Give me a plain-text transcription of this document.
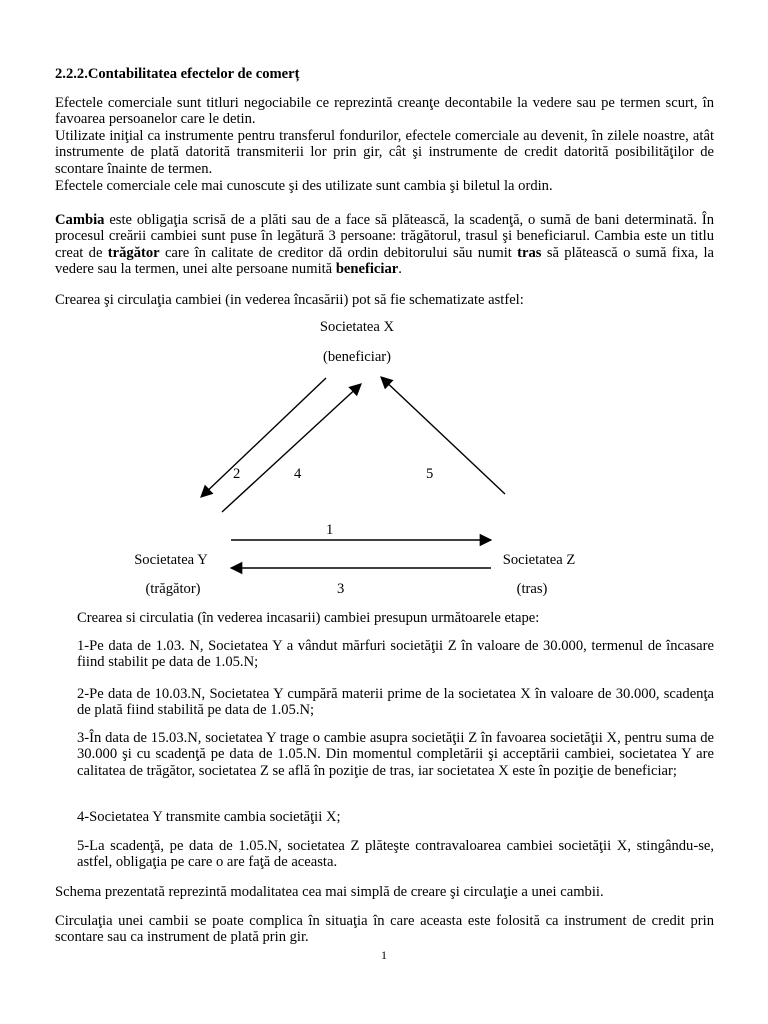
2.2.2.Contabilitatea efectelor de comerț

Efectele comerciale sunt titluri negociabile ce reprezintă creanţe decontabile la vedere sau pe termen scurt, în favoarea persoanelor care le detin.

Utilizate iniţial ca instrumente pentru transferul fondurilor, efectele comerciale au devenit, în zilele noastre, atât instrumente de plată datorită transmiterii lor prin gir, cât şi instrumente de credit datorită posibilităţilor de scontare înainte de termen.

Efectele comerciale cele mai cunoscute şi des utilizate sunt cambia şi biletul la ordin.

Cambia este obligaţia scrisă de a plăti sau de a face să plătească, la scadenţă, o sumă de bani determinată. În procesul creării cambiei sunt puse în legătură 3 persoane: trăgătorul, trasul şi beneficiarul. Cambia este un titlu creat de trăgător care în calitate de creditor dă ordin debitorului său numit tras să plătească o sumă fixa, la vedere sau la termen, unei alte persoane numită beneficiar.

Crearea şi circulaţia cambiei (in vederea încasării) pot să fie schematizate astfel:

Societatea X
(beneficiar)
Societatea Y
(trăgător)
Societatea Z
(tras)
1
2
3
4	5

Crearea si circulatia (în vederea incasarii) cambiei presupun următoarele etape:

1-Pe data de 1.03. N, Societatea Y a vândut mărfuri societăţii Z în valoare de 30.000, termenul de încasare fiind stabilit pe data de 1.05.N;

2-Pe data de 10.03.N, Societatea Y cumpără materii prime de la societatea X în valoare de 30.000, scadenţa de plată fiind stabilită pe data de 1.05.N;

3-În data de 15.03.N, societatea Y trage o cambie asupra societăţii Z în favoarea societăţii X, pentru suma de 30.000 şi cu scadenţă pe data de 1.05.N. Din momentul completării şi acceptării cambiei, societatea Y are calitatea de trăgător, societatea Z se află în poziţie de tras, iar societatea X este în poziţie de beneficiar;

4-Societatea Y transmite cambia societăţii X;

5-La scadenţă, pe data de 1.05.N, societatea Z plăteşte contravaloarea cambiei societăţii X, stingându-se, astfel, obligaţia pe care o are faţă de aceasta.

Schema prezentată reprezintă modalitatea cea mai simplă de creare şi circulaţie a unei cambii.

Circulaţia unei cambii se poate complica în situaţia în care aceasta este folosită ca instrument de credit prin scontare sau ca instrument de plată prin gir.

1
